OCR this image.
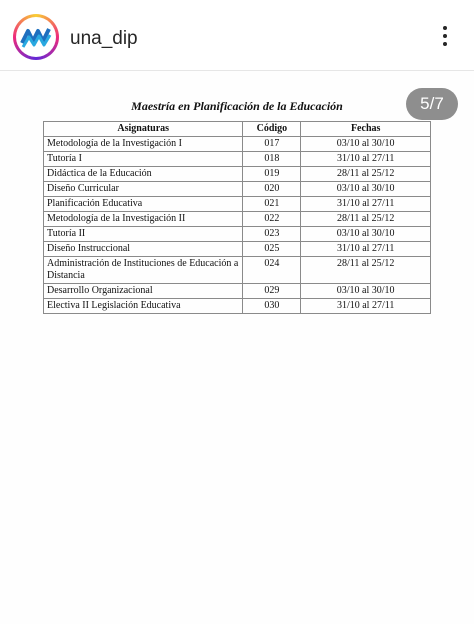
una_dip
Maestría en Planificación de la Educación
Asignaturas	Código	Fechas
Metodología de la Investigación I	017	03/10 al 30/10
Tutoría I	018	31/10 al 27/11
Didáctica de la Educación	019	28/11 al 25/12
Diseño Curricular	020	03/10 al 30/10
Planificación Educativa	021	31/10 al 27/11
Metodología de la Investigación II	022	28/11 al 25/12
Tutoría II	023	03/10 al 30/10
Diseño Instruccional	025	31/10 al 27/11
Administración de Instituciones de Educación a Distancia	024	28/11 al 25/12
Desarrollo Organizacional	029	03/10 al 30/10
Electiva II Legislación Educativa	030	31/10 al 27/11
5/7
